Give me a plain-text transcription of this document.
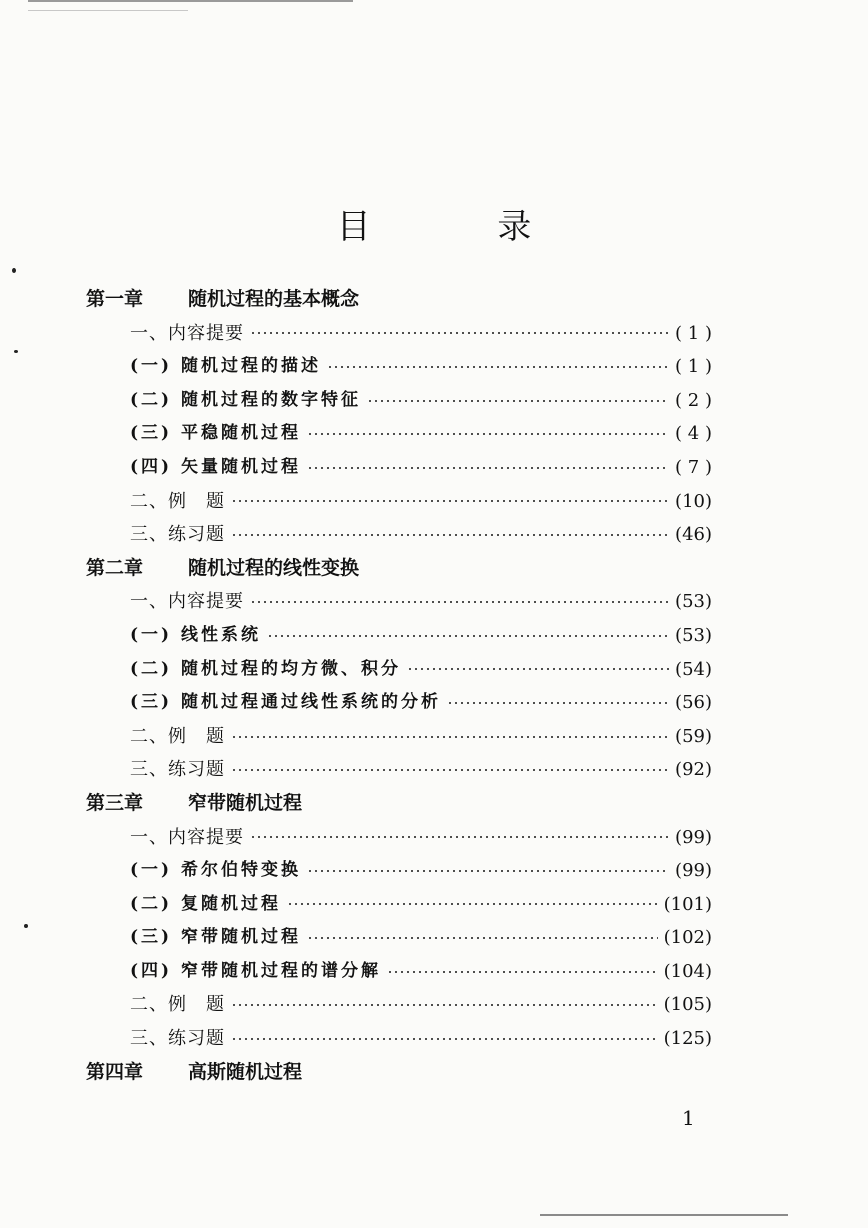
目 录
第一章 随机过程的基本概念
一、内容提要	( 1 )
(一) 随机过程的描述	( 1 )
(二) 随机过程的数字特征	( 2 )
(三) 平稳随机过程	( 4 )
(四) 矢量随机过程	( 7 )
二、例　题	(10)
三、练习题	(46)
第二章 随机过程的线性变换
一、内容提要	(53)
(一) 线性系统	(53)
(二) 随机过程的均方微、积分	(54)
(三) 随机过程通过线性系统的分析	(56)
二、例　题	(59)
三、练习题	(92)
第三章 窄带随机过程
一、内容提要	(99)
(一) 希尔伯特变换	(99)
(二) 复随机过程	(101)
(三) 窄带随机过程	(102)
(四) 窄带随机过程的谱分解	(104)
二、例　题	(105)
三、练习题	(125)
第四章 高斯随机过程
1
